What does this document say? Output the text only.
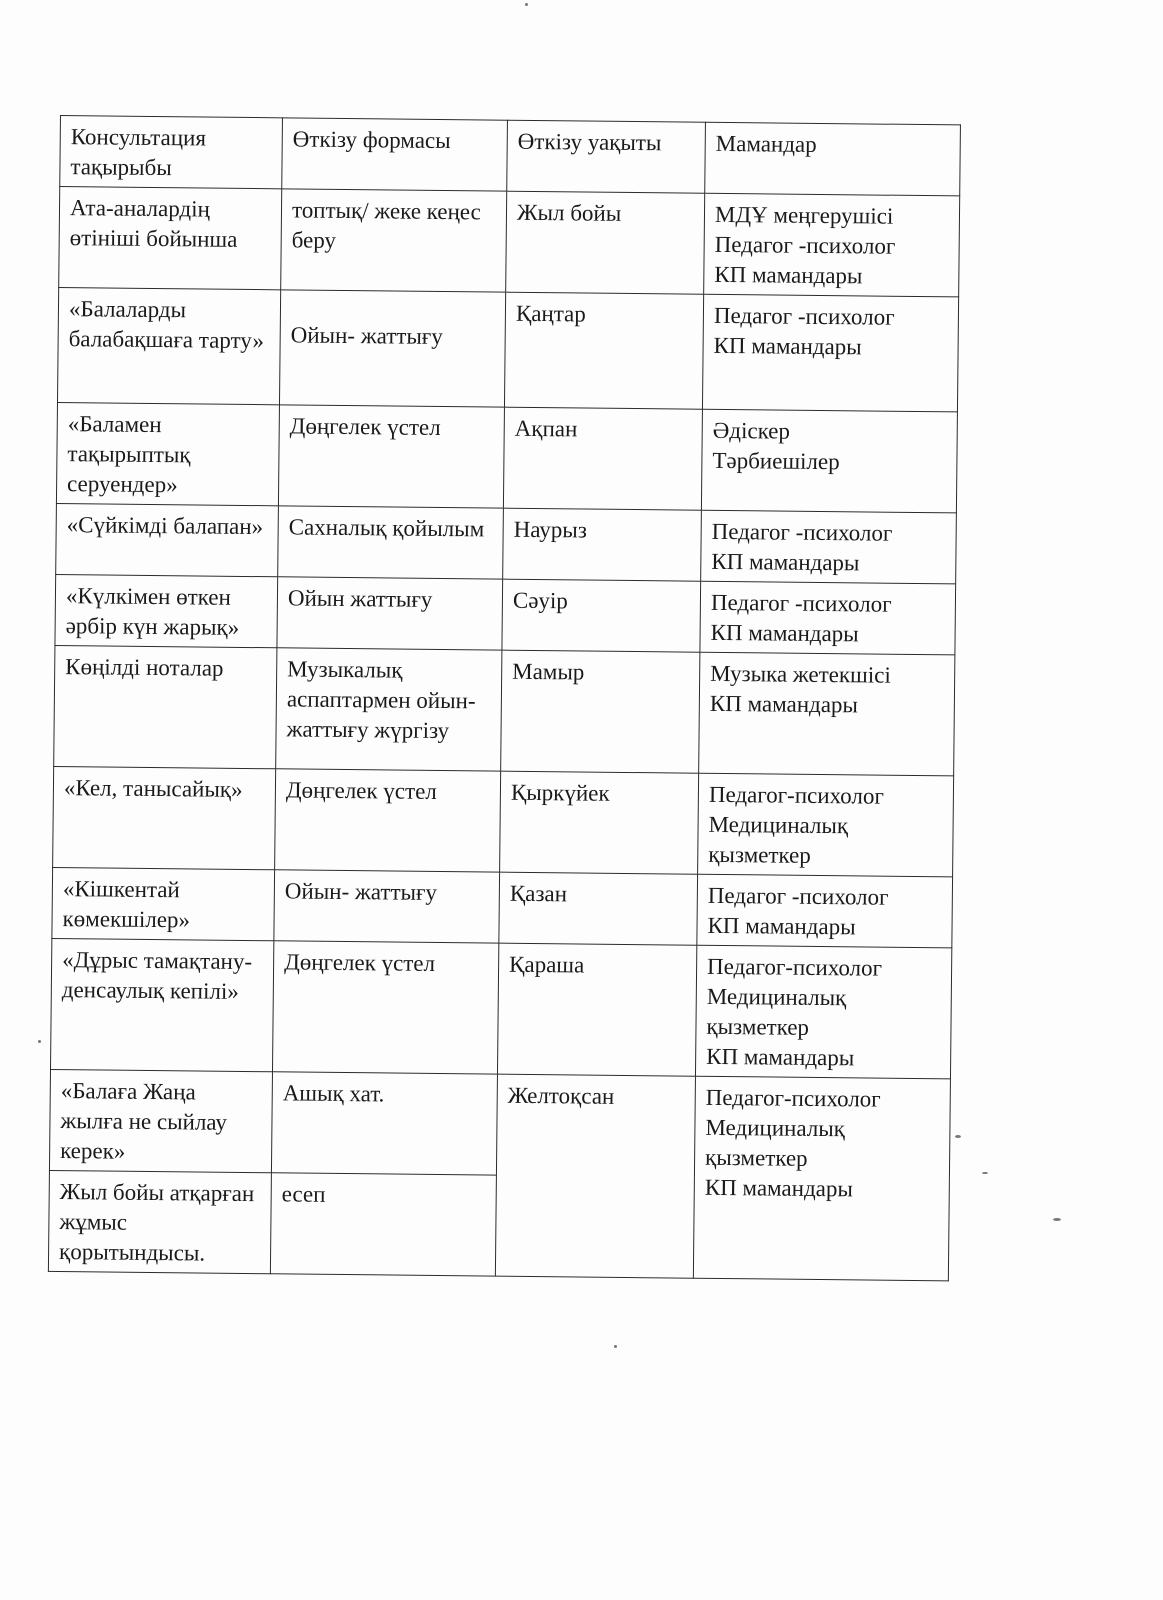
Консультация тақырыбы	Өткізу формасы	Өткізу уақыты	Мамандар
Ата-аналардің өтініші бойынша	топтық/ жеке кеңес беру	Жыл бойы	МДҰ меңгерушісі
Педагог -психолог
КП мамандары
«Балаларды балабақшаға тарту»	Ойын- жаттығу	Қаңтар	Педагог -психолог
КП мамандары
«Баламен тақырыптық серуендер»	Дөңгелек үстел	Ақпан	Әдіскер
Тәрбиешілер
«Сүйкімді балапан»	Сахналық қойылым	Наурыз	Педагог -психолог
КП мамандары
«Күлкімен өткен әрбір күн жарық»	Ойын жаттығу	Сәуір	Педагог -психолог
КП мамандары
Көңілді ноталар	Музыкалық аспаптармен ойын-жаттығу жүргізу	Мамыр	Музыка жетекшісі
КП мамандары
«Кел, танысайық»	Дөңгелек үстел	Қыркүйек	Педагог-психолог
Медициналық қызметкер
«Кішкентай көмекшілер»	Ойын- жаттығу	Қазан	Педагог -психолог
КП мамандары
«Дұрыс тамақтану-денсаулық кепілі»	Дөңгелек үстел	Қараша	Педагог-психолог
Медициналық қызметкер
КП мамандары
«Балаға Жаңа жылға не сыйлау керек»	Ашық хат.	Желтоқсан	Педагог-психолог
Медициналық қызметкер
КП мамандары
Жыл бойы атқарған жұмыс қорытындысы.	есеп		
